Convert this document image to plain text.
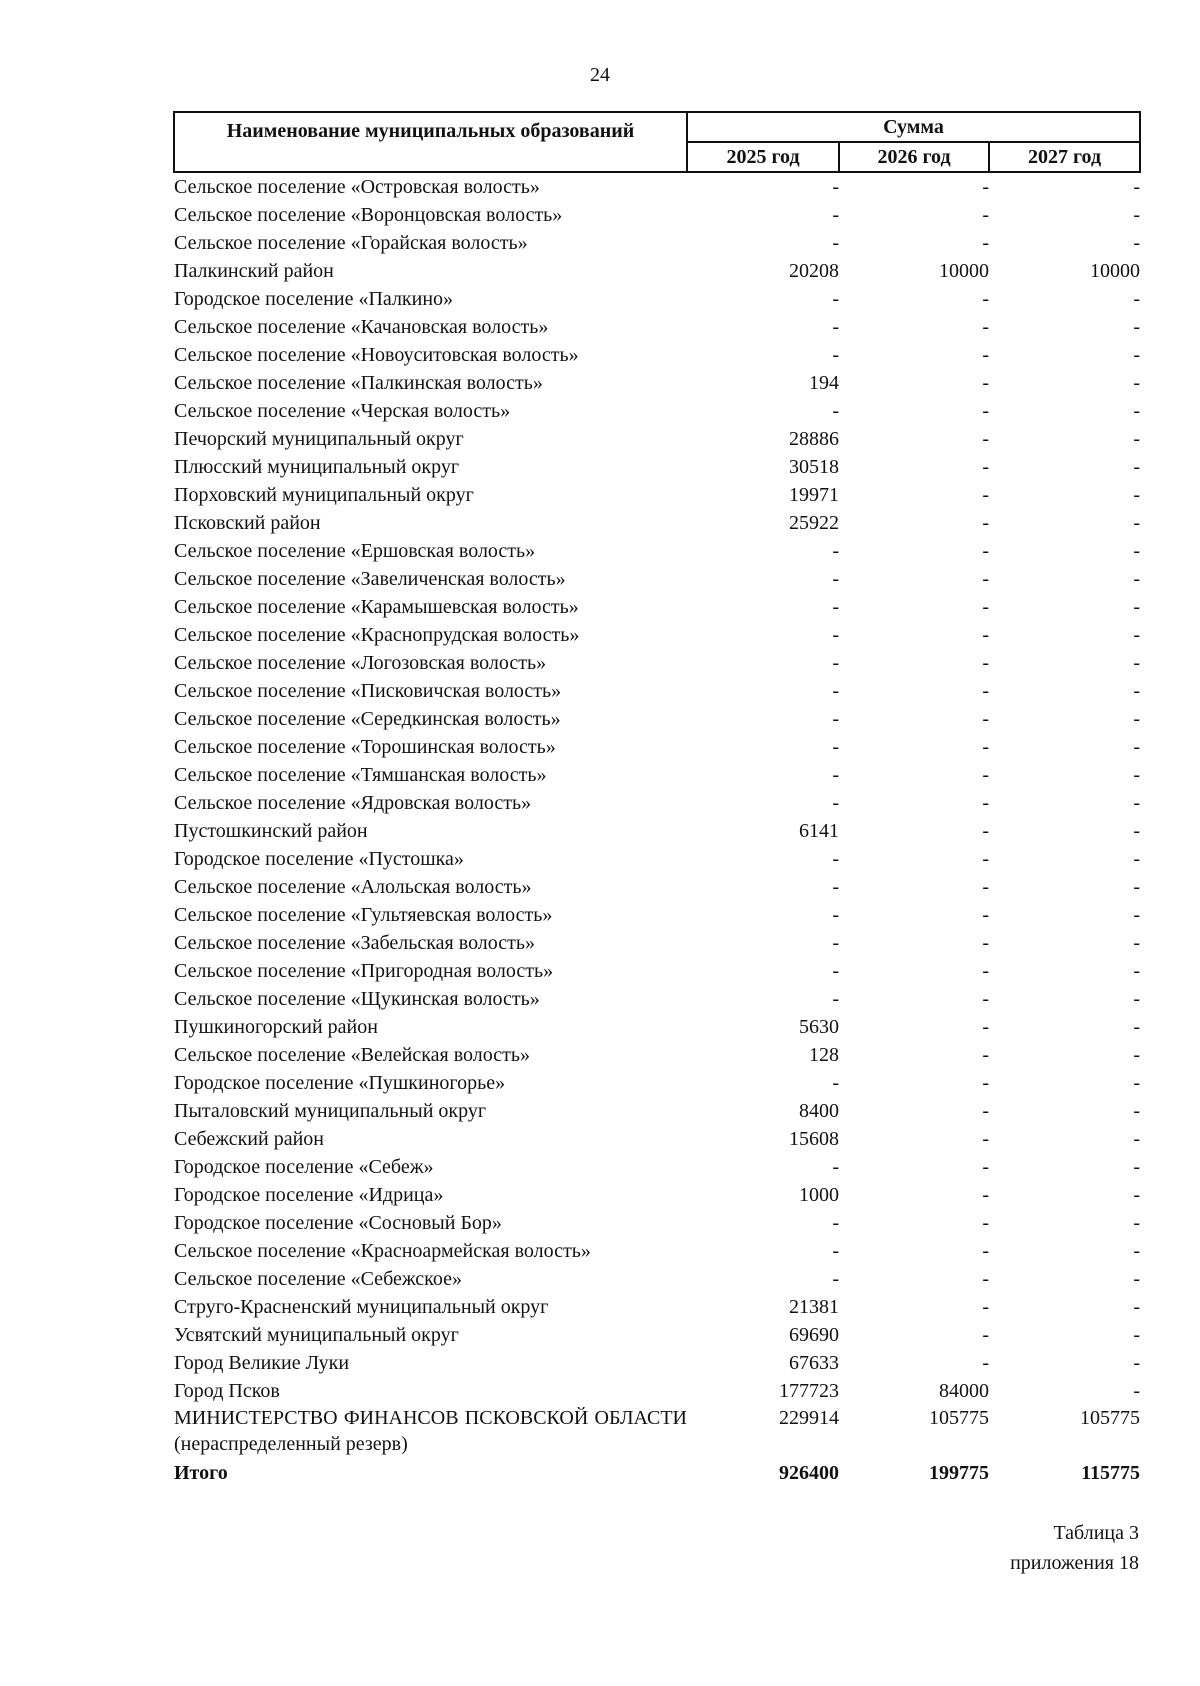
24
Наименование муниципальных образований	Сумма		
	2025 год	2026 год	2027 год
Сельское поселение «Островская волость»	-	-	-
Сельское поселение «Воронцовская волость»	-	-	-
Сельское поселение «Горайская волость»	-	-	-
Палкинский район	20208	10000	10000
Городское поселение «Палкино»	-	-	-
Сельское поселение «Качановская волость»	-	-	-
Сельское поселение «Новоуситовская волость»	-	-	-
Сельское поселение «Палкинская волость»	194	-	-
Сельское поселение «Черская волость»	-	-	-
Печорский муниципальный округ	28886	-	-
Плюсский муниципальный округ	30518	-	-
Порховский муниципальный округ	19971	-	-
Псковский район	25922	-	-
Сельское поселение «Ершовская волость»	-	-	-
Сельское поселение «Завеличенская волость»	-	-	-
Сельское поселение «Карамышевская волость»	-	-	-
Сельское поселение «Краснопрудская волость»	-	-	-
Сельское поселение «Логозовская волость»	-	-	-
Сельское поселение «Писковичская волость»	-	-	-
Сельское поселение «Середкинская волость»	-	-	-
Сельское поселение «Торошинская волость»	-	-	-
Сельское поселение «Тямшанская волость»	-	-	-
Сельское поселение «Ядровская волость»	-	-	-
Пустошкинский район	6141	-	-
Городское поселение «Пустошка»	-	-	-
Сельское поселение «Алольская волость»	-	-	-
Сельское поселение «Гультяевская волость»	-	-	-
Сельское поселение «Забельская волость»	-	-	-
Сельское поселение «Пригородная волость»	-	-	-
Сельское поселение «Щукинская волость»	-	-	-
Пушкиногорский район	5630	-	-
Сельское поселение «Велейская волость»	128	-	-
Городское поселение «Пушкиногорье»	-	-	-
Пыталовский муниципальный округ	8400	-	-
Себежский район	15608	-	-
Городское поселение «Себеж»	-	-	-
Городское поселение «Идрица»	1000	-	-
Городское поселение «Сосновый Бор»	-	-	-
Сельское поселение «Красноармейская волость»	-	-	-
Сельское поселение «Себежское»	-	-	-
Струго-Красненский муниципальный округ	21381	-	-
Усвятский муниципальный округ	69690	-	-
Город Великие Луки	67633	-	-
Город Псков	177723	84000	-
МИНИСТЕРСТВО ФИНАНСОВ ПСКОВСКОЙ ОБЛАСТИ (нераспределенный резерв)	229914	105775	105775
Итого	926400	199775	115775
Таблица 3
приложения 18
